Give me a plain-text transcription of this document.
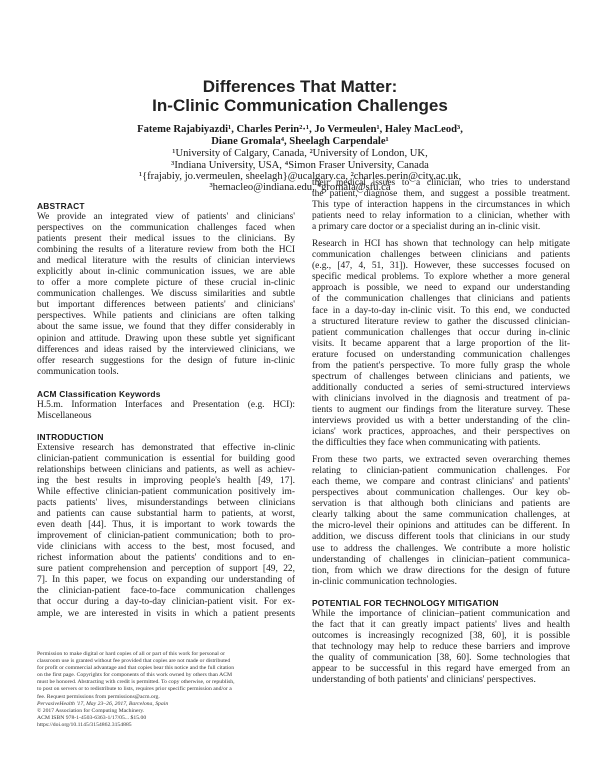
Differences That Matter:
In-Clinic Communication Challenges
Fateme Rajabiyazdi¹, Charles Perin²·¹, Jo Vermeulen¹, Haley MacLeod³,
Diane Gromala⁴, Sheelagh Carpendale¹
¹University of Calgary, Canada, ²University of London, UK,
³Indiana University, USA, ⁴Simon Fraser University, Canada
¹{frajabiy, jo.vermeulen, sheelagh}@ucalgary.ca, ²charles.perin@city.ac.uk,
³hemacleo@indiana.edu, ⁴gromala@sfu.ca
ABSTRACT
We provide an integrated view of patients' and clinicians'
perspectives on the communication challenges faced when
patients present their medical issues to the clinicians. By
combining the results of a literature review from both the HCI
and medical literature with the results of clinician interviews
explicitly about in-clinic communication issues, we are able
to offer a more complete picture of these crucial in-clinic
communication challenges. We discuss similarities and subtle
but important differences between patients' and clinicians'
perspectives. While patients and clinicians are often talking
about the same issue, we found that they differ considerably in
opinion and attitude. Drawing upon these subtle yet significant
differences and ideas raised by the interviewed clinicians, we
offer research suggestions for the design of future in-clinic
communication tools.
ACM Classification Keywords
H.5.m. Information Interfaces and Presentation (e.g. HCI):
Miscellaneous
INTRODUCTION
Extensive research has demonstrated that effective in-clinic
clinician-patient communication is essential for building good
relationships between clinicians and patients, as well as achiev-
ing the best results in improving people's health [49, 17].
While effective clinician-patient communication positively im-
pacts patients' lives, misunderstandings between clinicians
and patients can cause substantial harm to patients, at worst,
even death [44]. Thus, it is important to work towards the
improvement of clinician-patient communication; both to pro-
vide clinicians with access to the best, most focused, and
richest information about the patients' conditions and to en-
sure patient comprehension and perception of support [49, 22,
7]. In this paper, we focus on expanding our understanding of
the clinician-patient face-to-face communication challenges
that occur during a day-to-day clinician-patient visit. For ex-
ample, we are interested in visits in which a patient presents
Permission to make digital or hard copies of all or part of this work for personal or
classroom use is granted without fee provided that copies are not made or distributed
for profit or commercial advantage and that copies bear this notice and the full citation
on the first page. Copyrights for components of this work owned by others than ACM
must be honored. Abstracting with credit is permitted. To copy otherwise, or republish,
to post on servers or to redistribute to lists, requires prior specific permission and/or a
fee. Request permissions from permissions@acm.org.
PervasiveHealth '17, May 23–26, 2017, Barcelona, Spain
© 2017 Association for Computing Machinery.
ACM ISBN 978-1-4503-6363-1/17/05... $15.00
https://doi.org/10.1145/3154862.3154885
their medical issues to a clinician, who tries to understand
the patient, diagnose them, and suggest a possible treatment.
This type of interaction happens in the circumstances in which
patients need to relay information to a clinician, whether with
a primary care doctor or a specialist during an in-clinic visit.
Research in HCI has shown that technology can help mitigate
communication challenges between clinicians and patients
(e.g., [47, 4, 51, 31]). However, these successes focused on
specific medical problems. To explore whether a more general
approach is possible, we need to expand our understanding
of the communication challenges that clinicians and patients
face in a day-to-day in-clinic visit. To this end, we conducted
a structured literature review to gather the discussed clinician-
patient communication challenges that occur during in-clinic
visits. It became apparent that a large proportion of the lit-
erature focused on understanding communication challenges
from the patient's perspective. To more fully grasp the whole
spectrum of challenges between clinicians and patients, we
additionally conducted a series of semi-structured interviews
with clinicians involved in the diagnosis and treatment of pa-
tients to augment our findings from the literature survey. These
interviews provided us with a better understanding of the clin-
icians' work practices, approaches, and their perspectives on
the difficulties they face when communicating with patients.
From these two parts, we extracted seven overarching themes
relating to clinician-patient communication challenges. For
each theme, we compare and contrast clinicians' and patients'
perspectives about communication challenges. Our key ob-
servation is that although both clinicians and patients are
clearly talking about the same communication challenges, at
the micro-level their opinions and attitudes can be different. In
addition, we discuss different tools that clinicians in our study
use to address the challenges. We contribute a more holistic
understanding of challenges in clinician–patient communica-
tion, from which we draw directions for the design of future
in-clinic communication technologies.
POTENTIAL FOR TECHNOLOGY MITIGATION
While the importance of clinician–patient communication and
the fact that it can greatly impact patients' lives and health
outcomes is increasingly recognized [38, 60], it is possible
that technology may help to reduce these barriers and improve
the quality of communication [38, 60]. Some technologies that
appear to be successful in this regard have emerged from an
understanding of both patients' and clinicians' perspectives.
